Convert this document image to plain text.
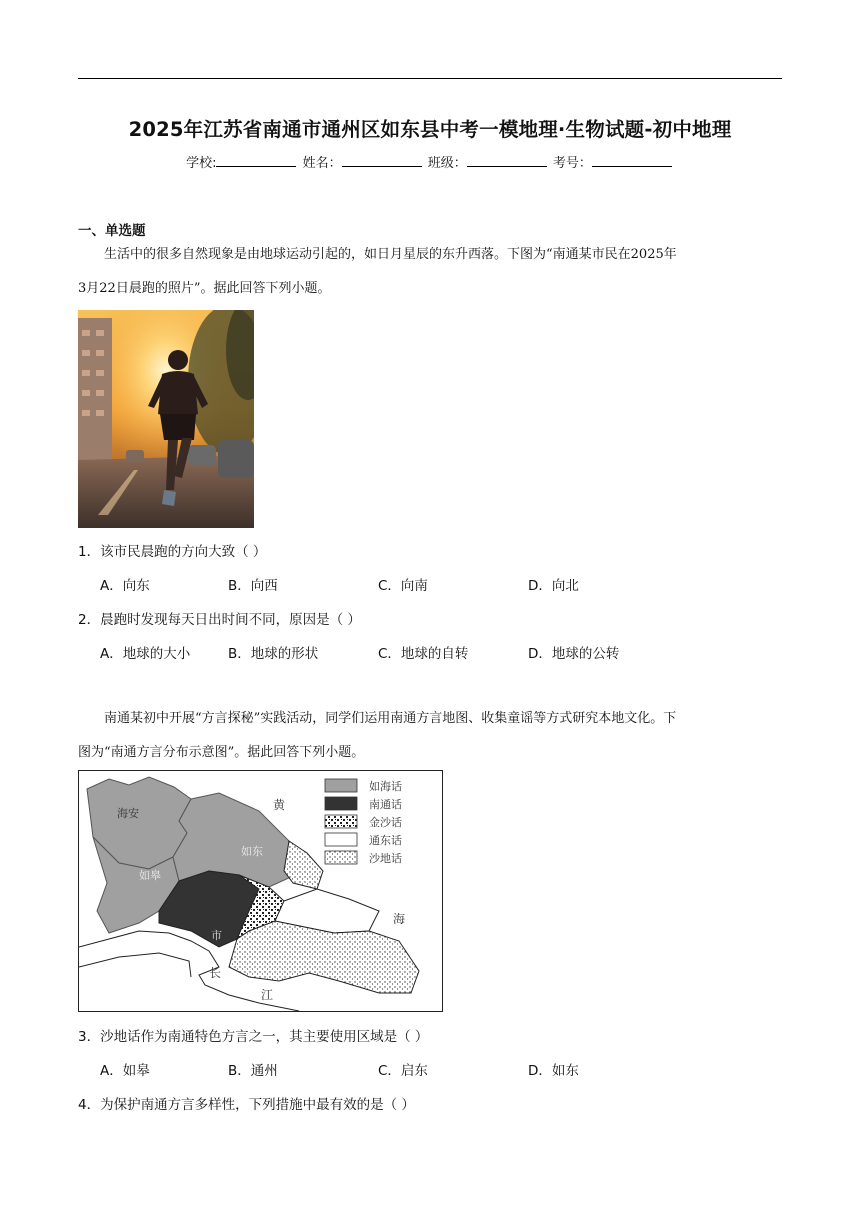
2025年江苏省南通市通州区如东县中考一模地理·生物试题-初中地理
学校:	姓名：	班级：	考号：
一、单选题
生活中的很多自然现象是由地球运动引起的，如日月星辰的东升西落。下图为“南通某市民在2025年
3月22日晨跑的照片”。据此回答下列小题。
1．该市民晨跑的方向大致（ ）
A．向东	B．向西	C．向南	D．向北
2．晨跑时发现每天日出时间不同，原因是（ ）
A．地球的大小	B．地球的形状	C．地球的自转	D．地球的公转
南通某初中开展“方言探秘”实践活动，同学们运用南通方言地图、收集童谣等方式研究本地文化。下
图为“南通方言分布示意图”。据此回答下列小题。
海安
如东
如皋
黄
海
市
长
江
如海话
南通话
金沙话
通东话
沙地话
3．沙地话作为南通特色方言之一，其主要使用区域是（ ）
A．如皋	B．通州	C．启东	D．如东
4．为保护南通方言多样性，下列措施中最有效的是（ ）
